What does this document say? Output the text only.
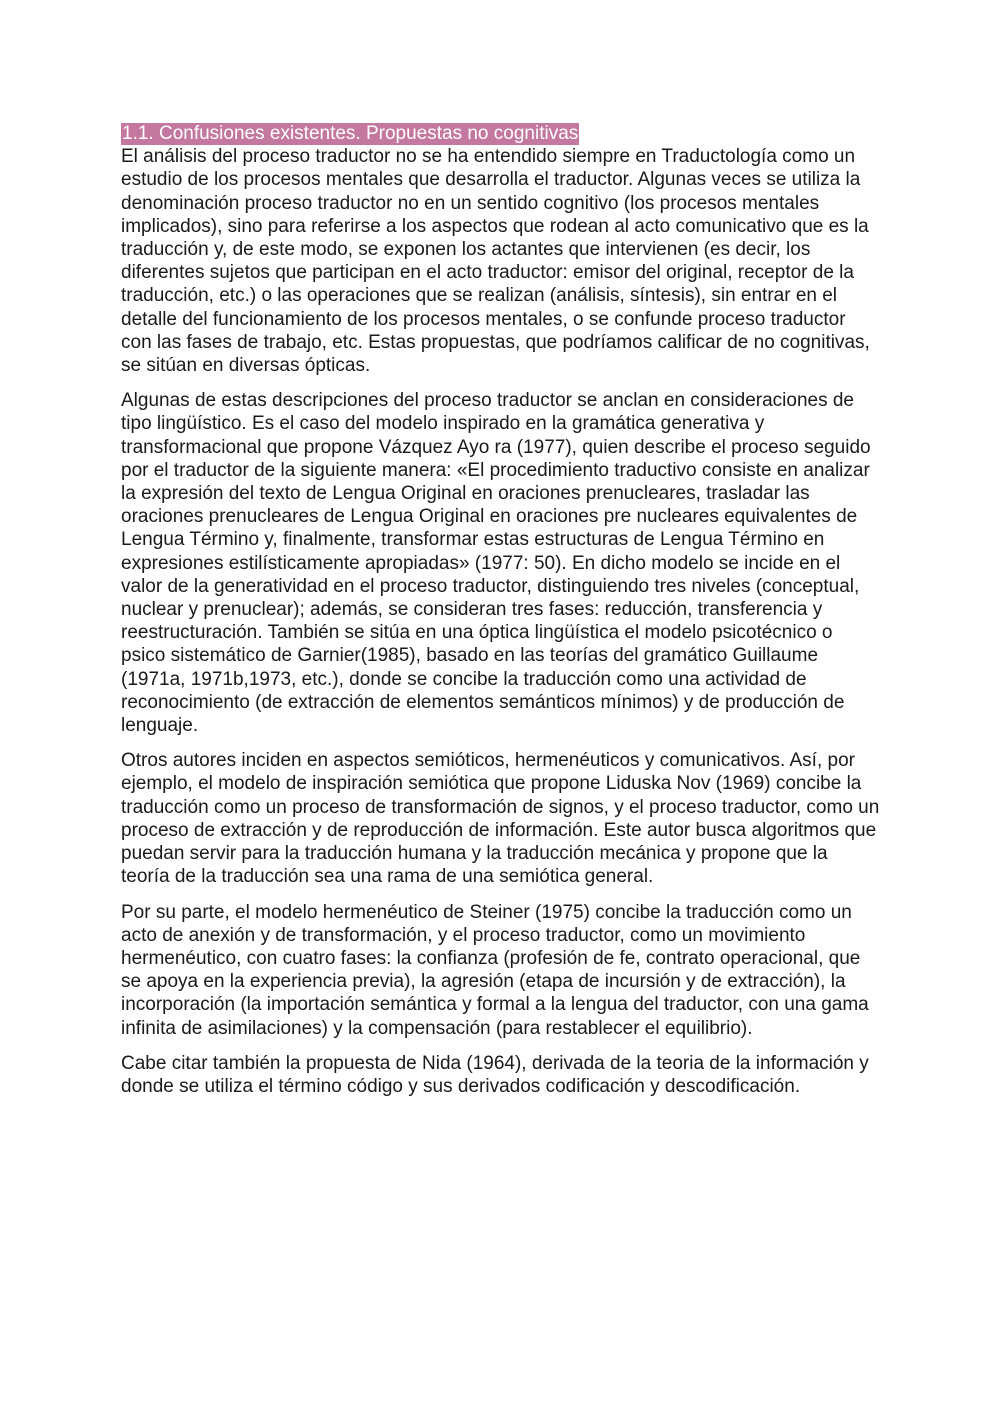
1.1. Confusiones existentes. Propuestas no cognitivas

El análisis del proceso traductor no se ha entendido siempre en Traductología como un estudio de los procesos mentales que desarrolla el traductor. Algunas veces se utiliza la denominación proceso traductor no en un sentido cognitivo (los procesos mentales implicados), sino para referirse a los aspectos que rodean al acto comunicativo que es la traducción y, de este modo, se exponen los actantes que intervienen (es decir, los diferentes sujetos que participan en el acto traductor: emisor del original, receptor de la traducción, etc.) o las operaciones que se realizan (análisis, síntesis), sin entrar en el detalle del funcionamiento de los procesos mentales, o se confunde proceso traductor con las fases de trabajo, etc. Estas propuestas, que podríamos calificar de no cognitivas, se sitúan en diversas ópticas.

Algunas de estas descripciones del proceso traductor se anclan en consideraciones de tipo lingüístico. Es el caso del modelo inspirado en la gramática generativa y transformacional que propone Vázquez Ayo ra (1977), quien describe el proceso seguido por el traductor de la siguiente manera: «El procedimiento traductivo consiste en analizar la expresión del texto de Lengua Original en oraciones prenucleares, trasladar las oraciones prenucleares de Lengua Original en oraciones pre nucleares equivalentes de Lengua Término y, finalmente, transformar estas estructuras de Lengua Término en expresiones estilísticamente apropiadas» (1977: 50). En dicho modelo se incide en el valor de la generatividad en el proceso traductor, distinguiendo tres niveles (conceptual, nuclear y prenuclear); además, se consideran tres fases: reducción, transferencia y reestructuración. También se sitúa en una óptica lingüística el modelo psicotécnico o psico sistemático de Garnier(1985), basado en las teorías del gramático Guillaume (1971a, 1971b,1973, etc.), donde se concibe la traducción como una actividad de reconocimiento (de extracción de elementos semánticos mínimos) y de producción de lenguaje.

Otros autores inciden en aspectos semióticos, hermenéuticos y comunicativos. Así, por ejemplo, el modelo de inspiración semiótica que propone Liduska Nov (1969) concibe la traducción como un proceso de transformación de signos, y el proceso traductor, como un proceso de extracción y de reproducción de información. Este autor busca algoritmos que puedan servir para la traducción humana y la traducción mecánica y propone que la teoría de la traducción sea una rama de una semiótica general.

Por su parte, el modelo hermenéutico de Steiner (1975) concibe la traducción como un acto de anexión y de transformación, y el proceso traductor, como un movimiento hermenéutico, con cuatro fases: la confianza (profesión de fe, contrato operacional, que se apoya en la experiencia previa), la agresión (etapa de incursión y de extracción), la incorporación (la importación semántica y formal a la lengua del traductor, con una gama infinita de asimilaciones) y la compensación (para restablecer el equilibrio).

Cabe citar también la propuesta de Nida (1964), derivada de la teoria de la información y donde se utiliza el término código y sus derivados codificación y descodificación.
